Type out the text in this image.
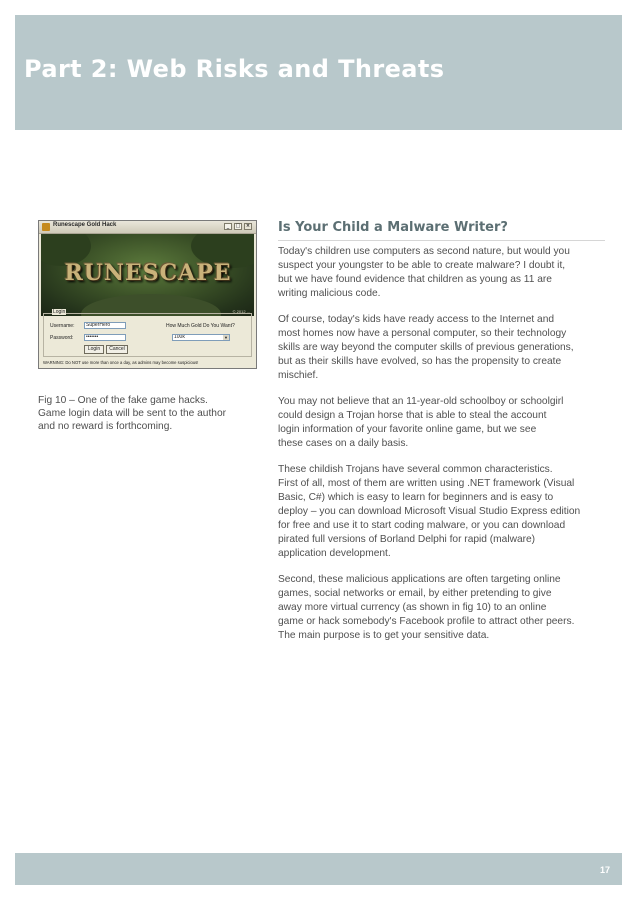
Part 2: Web Risks and Threats
Runescape Gold Hack	_	□	×
RUNESCAPE
© 2012 ...
Login
Username:	SuperHero
Password:	•••••••
How Much Gold Do You Want?
100k	▼
Login	Cancel
WARNING: Do NOT use more than once a day, as admins may become suspicious!

Fig 10 – One of the fake game hacks. Game login data will be sent to the author and no reward is forthcoming.

Is Your Child a Malware Writer?

Today's children use computers as second nature, but would you
suspect your youngster to be able to create malware? I doubt it,
but we have found evidence that children as young as 11 are
writing malicious code.

Of course, today's kids have ready access to the Internet and
most homes now have a personal computer, so their technology
skills are way beyond the computer skills of previous generations,
but as their skills have evolved, so has the propensity to create
mischief.

You may not believe that an 11-year-old schoolboy or schoolgirl
could design a Trojan horse that is able to steal the account
login information of your favorite online game, but we see
these cases on a daily basis.

These childish Trojans have several common characteristics.
First of all, most of them are written using .NET framework (Visual
Basic, C#) which is easy to learn for beginners and is easy to
deploy – you can download Microsoft Visual Studio Express edition
for free and use it to start coding malware, or you can download
pirated full versions of Borland Delphi for rapid (malware)
application development.

Second, these malicious applications are often targeting online
games, social networks or email, by either pretending to give
away more virtual currency (as shown in fig 10) to an online
game or hack somebody's Facebook profile to attract other peers.
The main purpose is to get your sensitive data.

17
